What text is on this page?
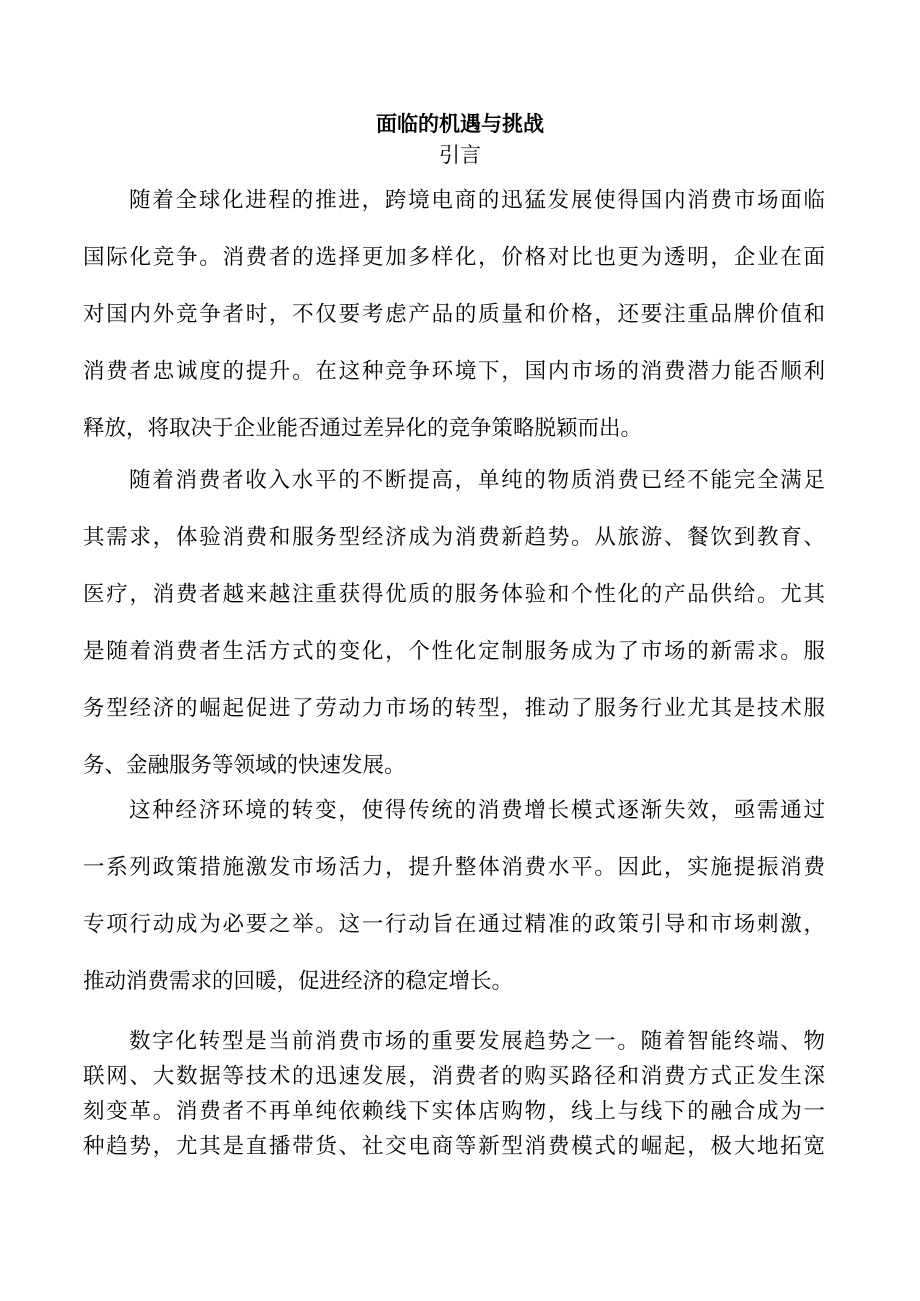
面临的机遇与挑战
引言
随着全球化进程的推进，跨境电商的迅猛发展使得国内消费市场面临
国际化竞争。消费者的选择更加多样化，价格对比也更为透明，企业在面
对国内外竞争者时，不仅要考虑产品的质量和价格，还要注重品牌价值和
消费者忠诚度的提升。在这种竞争环境下，国内市场的消费潜力能否顺利
释放，将取决于企业能否通过差异化的竞争策略脱颖而出。
随着消费者收入水平的不断提高，单纯的物质消费已经不能完全满足
其需求，体验消费和服务型经济成为消费新趋势。从旅游、餐饮到教育、
医疗，消费者越来越注重获得优质的服务体验和个性化的产品供给。尤其
是随着消费者生活方式的变化，个性化定制服务成为了市场的新需求。服
务型经济的崛起促进了劳动力市场的转型，推动了服务行业尤其是技术服
务、金融服务等领域的快速发展。
这种经济环境的转变，使得传统的消费增长模式逐渐失效，亟需通过
一系列政策措施激发市场活力，提升整体消费水平。因此，实施提振消费
专项行动成为必要之举。这一行动旨在通过精准的政策引导和市场刺激，
推动消费需求的回暖，促进经济的稳定增长。
数字化转型是当前消费市场的重要发展趋势之一。随着智能终端、物
联网、大数据等技术的迅速发展，消费者的购买路径和消费方式正发生深
刻变革。消费者不再单纯依赖线下实体店购物，线上与线下的融合成为一
种趋势，尤其是直播带货、社交电商等新型消费模式的崛起，极大地拓宽
